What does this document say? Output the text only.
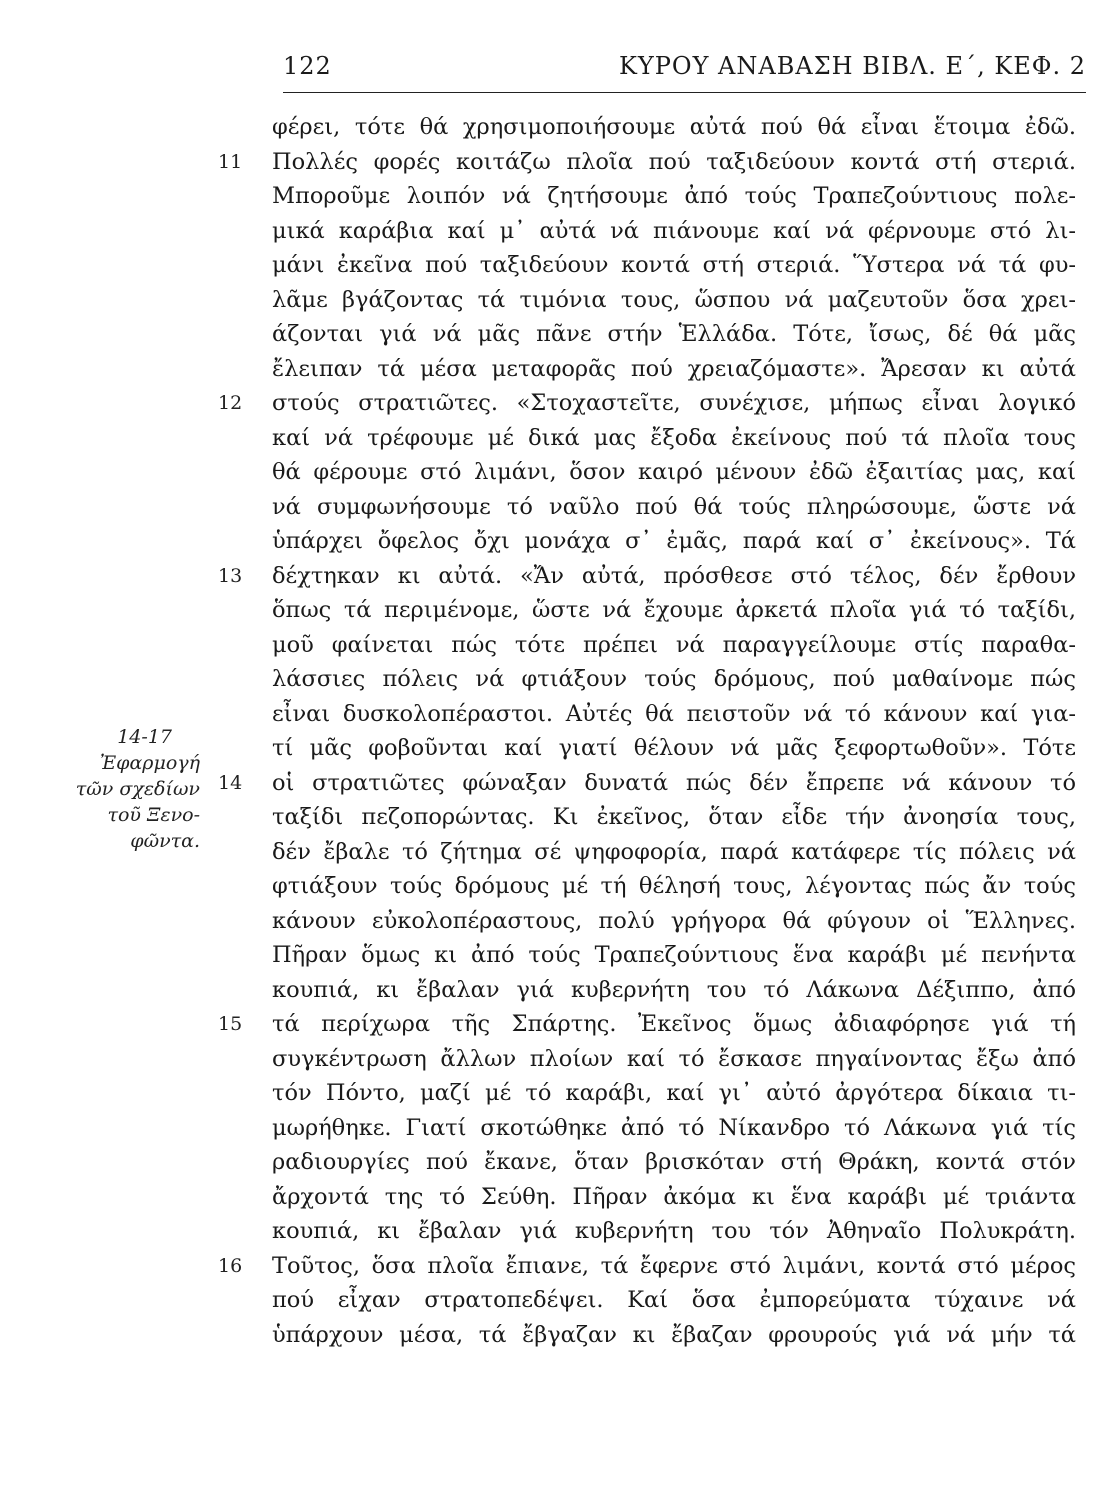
122	ΚΥΡΟΥ ΑΝΑΒΑΣΗ ΒΙΒΛ. Ε΄, ΚΕΦ. 2
14-17
Ἐφαρμογή
τῶν σχεδίων
τοῦ Ξενο-
φῶντα.
11
12
13
14
15
16
φέρει, τότε θά χρησιμοποιήσουμε αὐτά πού θά εἶναι ἕτοιμα ἐδῶ.
Πολλές φορές κοιτάζω πλοῖα πού ταξιδεύουν κοντά στή στεριά.
Μποροῦμε λοιπόν νά ζητήσουμε ἀπό τούς Τραπεζούντιους πολε-
μικά καράβια καί μ᾽ αὐτά νά πιάνουμε καί νά φέρνουμε στό λι-
μάνι ἐκεῖνα πού ταξιδεύουν κοντά στή στεριά. Ὕστερα νά τά φυ-
λᾶμε βγάζοντας τά τιμόνια τους, ὥσπου νά μαζευτοῦν ὅσα χρει-
άζονται γιά νά μᾶς πᾶνε στήν Ἑλλάδα. Τότε, ἴσως, δέ θά μᾶς
ἔλειπαν τά μέσα μεταφορᾶς πού χρειαζόμαστε». Ἄρεσαν κι αὐτά
στούς στρατιῶτες. «Στοχαστεῖτε, συνέχισε, μήπως εἶναι λογικό
καί νά τρέφουμε μέ δικά μας ἔξοδα ἐκείνους πού τά πλοῖα τους
θά φέρουμε στό λιμάνι, ὅσον καιρό μένουν ἐδῶ ἐξαιτίας μας, καί
νά συμφωνήσουμε τό ναῦλο πού θά τούς πληρώσουμε, ὥστε νά
ὑπάρχει ὄφελος ὄχι μονάχα σ᾽ ἐμᾶς, παρά καί σ᾽ ἐκείνους». Τά
δέχτηκαν κι αὐτά. «Ἄν αὐτά, πρόσθεσε στό τέλος, δέν ἔρθουν
ὅπως τά περιμένομε, ὥστε νά ἔχουμε ἀρκετά πλοῖα γιά τό ταξίδι,
μοῦ φαίνεται πώς τότε πρέπει νά παραγγείλουμε στίς παραθα-
λάσσιες πόλεις νά φτιάξουν τούς δρόμους, πού μαθαίνομε πώς
εἶναι δυσκολοπέραστοι. Αὐτές θά πειστοῦν νά τό κάνουν καί για-
τί μᾶς φοβοῦνται καί γιατί θέλουν νά μᾶς ξεφορτωθοῦν». Τότε
οἱ στρατιῶτες φώναξαν δυνατά πώς δέν ἔπρεπε νά κάνουν τό
ταξίδι πεζοπορώντας. Κι ἐκεῖνος, ὅταν εἶδε τήν ἀνοησία τους,
δέν ἔβαλε τό ζήτημα σέ ψηφοφορία, παρά κατάφερε τίς πόλεις νά
φτιάξουν τούς δρόμους μέ τή θέλησή τους, λέγοντας πώς ἄν τούς
κάνουν εὐκολοπέραστους, πολύ γρήγορα θά φύγουν οἱ Ἕλληνες.
Πῆραν ὅμως κι ἀπό τούς Τραπεζούντιους ἕνα καράβι μέ πενήντα
κουπιά, κι ἔβαλαν γιά κυβερνήτη του τό Λάκωνα Δέξιππο, ἀπό
τά περίχωρα τῆς Σπάρτης. Ἐκεῖνος ὅμως ἀδιαφόρησε γιά τή
συγκέντρωση ἄλλων πλοίων καί τό ἔσκασε πηγαίνοντας ἔξω ἀπό
τόν Πόντο, μαζί μέ τό καράβι, καί γι᾽ αὐτό ἀργότερα δίκαια τι-
μωρήθηκε. Γιατί σκοτώθηκε ἀπό τό Νίκανδρο τό Λάκωνα γιά τίς
ραδιουργίες πού ἔκανε, ὅταν βρισκόταν στή Θράκη, κοντά στόν
ἄρχοντά της τό Σεύθη. Πῆραν ἀκόμα κι ἕνα καράβι μέ τριάντα
κουπιά, κι ἔβαλαν γιά κυβερνήτη του τόν Ἀθηναῖο Πολυκράτη.
Τοῦτος, ὅσα πλοῖα ἔπιανε, τά ἔφερνε στό λιμάνι, κοντά στό μέρος
πού εἶχαν στρατοπεδέψει. Καί ὅσα ἐμπορεύματα τύχαινε νά
ὑπάρχουν μέσα, τά ἔβγαζαν κι ἔβαζαν φρουρούς γιά νά μήν τά
